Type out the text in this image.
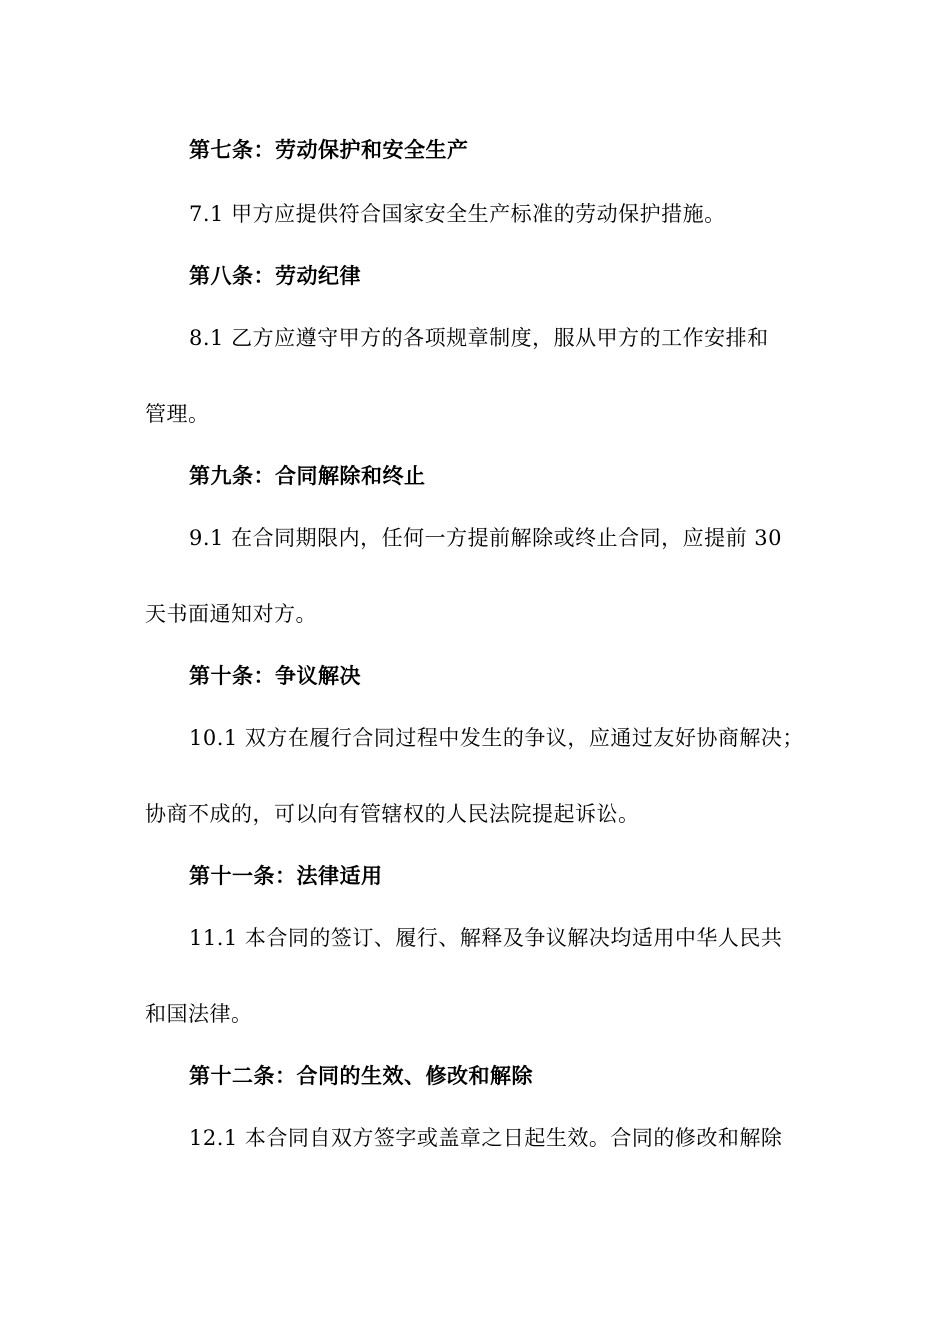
第七条：劳动保护和安全生产
7.1 甲方应提供符合国家安全生产标准的劳动保护措施。
第八条：劳动纪律
8.1 乙方应遵守甲方的各项规章制度，服从甲方的工作安排和
管理。
第九条：合同解除和终止
9.1 在合同期限内，任何一方提前解除或终止合同，应提前 30
天书面通知对方。
第十条：争议解决
10.1 双方在履行合同过程中发生的争议，应通过友好协商解决；
协商不成的，可以向有管辖权的人民法院提起诉讼。
第十一条：法律适用
11.1 本合同的签订、履行、解释及争议解决均适用中华人民共
和国法律。
第十二条：合同的生效、修改和解除
12.1 本合同自双方签字或盖章之日起生效。合同的修改和解除
